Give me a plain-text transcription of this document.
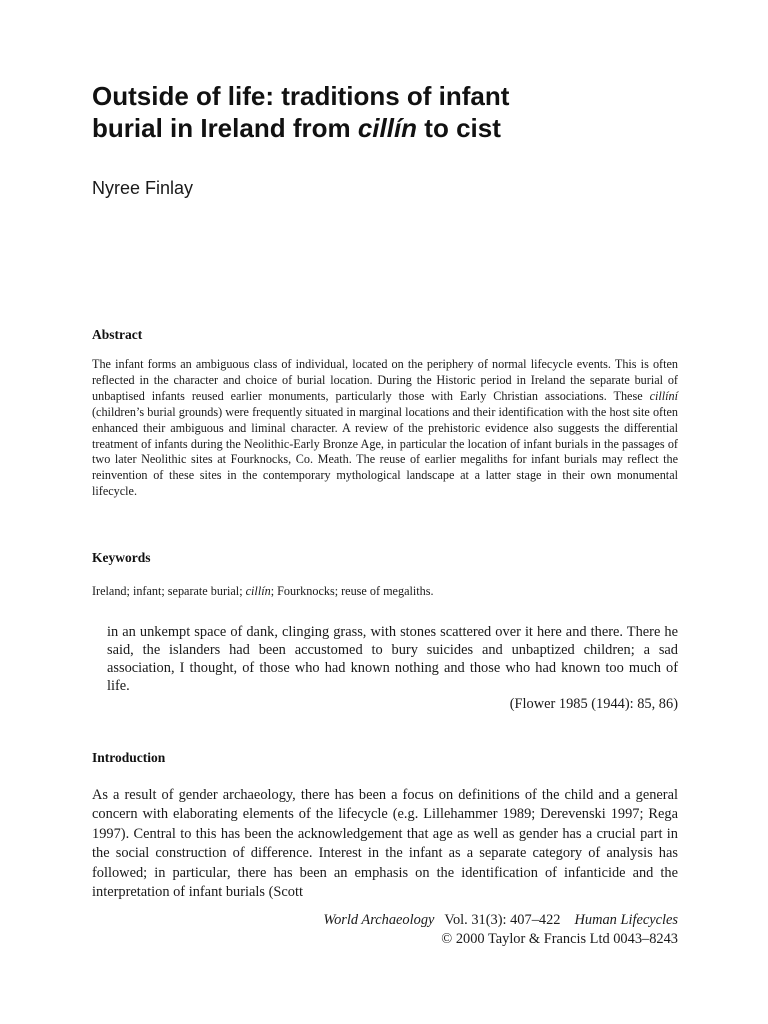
Outside of life: traditions of infant
burial in Ireland from cillín to cist
Nyree Finlay
Abstract

The infant forms an ambiguous class of individual, located on the periphery of normal lifecycle events. This is often reflected in the character and choice of burial location. During the Historic period in Ireland the separate burial of unbaptised infants reused earlier monuments, particularly those with Early Christian associations. These cillíní (children’s burial grounds) were frequently situated in marginal locations and their identification with the host site often enhanced their ambiguous and liminal character. A review of the prehistoric evidence also suggests the differential treatment of infants during the Neolithic-Early Bronze Age, in particular the location of infant burials in the passages of two later Neolithic sites at Fourknocks, Co. Meath. The reuse of earlier megaliths for infant burials may reflect the reinvention of these sites in the contemporary mythological landscape at a latter stage in their own monumental lifecycle.

Keywords

Ireland; infant; separate burial; cillín; Fourknocks; reuse of megaliths.

in an unkempt space of dank, clinging grass, with stones scattered over it here and there. There he said, the islanders had been accustomed to bury suicides and unbaptized children; a sad association, I thought, of those who had known nothing and those who had known too much of life.

(Flower 1985 (1944): 85, 86)
Introduction

As a result of gender archaeology, there has been a focus on definitions of the child and a general concern with elaborating elements of the lifecycle (e.g. Lillehammer 1989; Derevenski 1997; Rega 1997). Central to this has been the acknowledgement that age as well as gender has a crucial part in the social construction of difference. Interest in the infant as a separate category of analysis has followed; in particular, there has been an emphasis on the identification of infanticide and the interpretation of infant burials (Scott

World Archaeology Vol. 31(3): 407–422 Human Lifecycles
© 2000 Taylor & Francis Ltd 0043–8243
